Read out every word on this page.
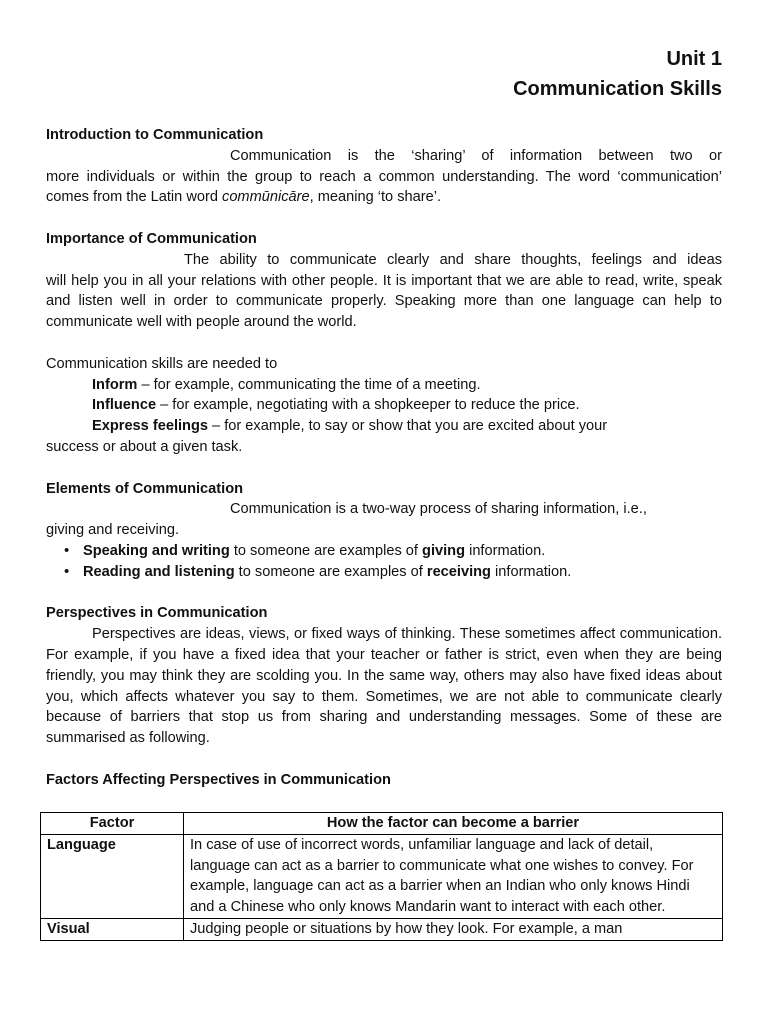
Unit 1
Communication Skills

Introduction to Communication

Communication is the ‘sharing’ of information between two or

more individuals or within the group to reach a common understanding. The word ‘communication’ comes from the Latin word commūnicāre, meaning ‘to share’.

Importance of Communication

The ability to communicate clearly and share thoughts, feelings and ideas

will help you in all your relations with other people. It is important that we are able to read, write, speak and listen well in order to communicate properly. Speaking more than one language can help to communicate well with people around the world.

Communication skills are needed to

Inform – for example, communicating the time of a meeting.

Influence – for example, negotiating with a shopkeeper to reduce the price.

Express feelings – for example, to say or show that you are excited about your

success or about a given task.

Elements of Communication

Communication is a two-way process of sharing information, i.e.,

giving and receiving.

• Speaking and writing to someone are examples of giving information.
• Reading and listening to someone are examples of receiving information.

Perspectives in Communication

Perspectives are ideas, views, or fixed ways of thinking. These sometimes affect communication. For example, if you have a fixed idea that your teacher or father is strict, even when they are being friendly, you may think they are scolding you. In the same way, others may also have fixed ideas about you, which affects whatever you say to them. Sometimes, we are not able to communicate clearly because of barriers that stop us from sharing and understanding messages. Some of these are summarised as following.

Factors Affecting Perspectives in Communication

Factor	How the factor can become a barrier
Language	In case of use of incorrect words, unfamiliar language and lack of detail, language can act as a barrier to communicate what one wishes to convey. For example, language can act as a barrier when an Indian who only knows Hindi and a Chinese who only knows Mandarin want to interact with each other.
Visual	Judging people or situations by how they look. For example, a man
